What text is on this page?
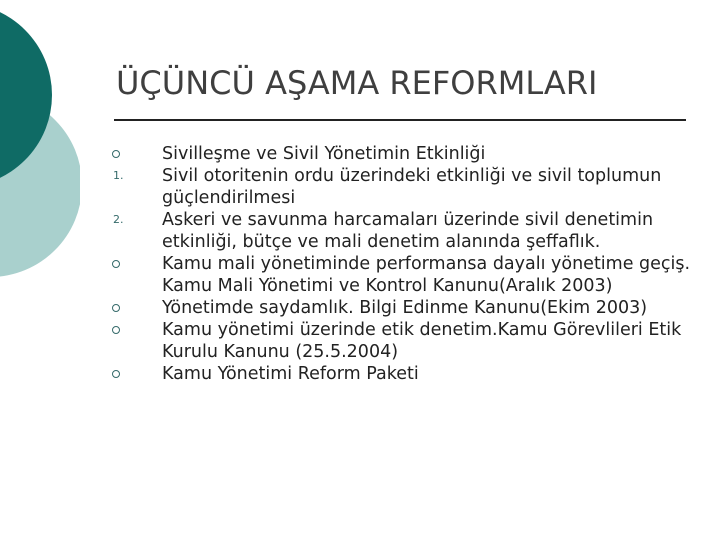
ÜÇÜNCÜ AŞAMA REFORMLARI
Sivilleşme ve Sivil Yönetimin Etkinliği
1. Sivil otoritenin ordu üzerindeki etkinliği ve sivil toplumun güçlendirilmesi
2. Askeri ve savunma harcamaları üzerinde sivil denetimin etkinliği, bütçe ve mali denetim alanında şeffaflık.
Kamu mali yönetiminde performansa dayalı yönetime geçiş. Kamu Mali Yönetimi ve Kontrol Kanunu(Aralık 2003)
Yönetimde saydamlık. Bilgi Edinme Kanunu(Ekim 2003)
Kamu yönetimi üzerinde etik denetim.Kamu Görevlileri Etik Kurulu Kanunu (25.5.2004)
Kamu Yönetimi Reform Paketi
